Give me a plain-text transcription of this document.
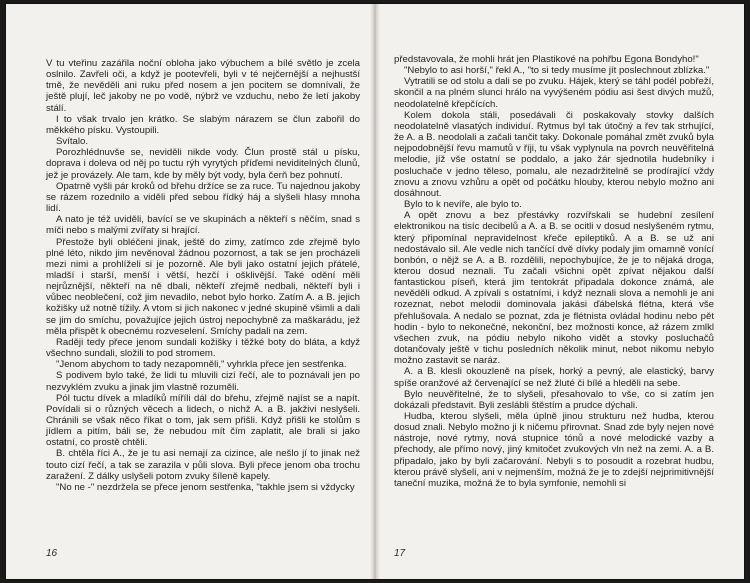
V tu vteřinu zazářila noční obloha jako výbuchem a bílé světlo je zcela oslnilo. Zavřeli oči, a když je pootevřeli, byli v té nejčernější a nejhustší tmě, že nevěděli ani ruku před nosem a jen pocitem se domnívali, že ještě plují, leč jakoby ne po vodě, nýbrž ve vzduchu, nebo že letí jakoby stálí.

I to však trvalo jen krátko. Se slabým nárazem se člun zabořil do měkkého písku. Vystoupili.

Svítalo.

Porozhlédnuvše se, neviděli nikde vody. Člun prostě stál u písku, doprava i doleva od něj po tuctu rýh vyrytých příďemi neviditelných člunů, jež je provázely. Ale tam, kde by měly být vody, byla čerň bez pohnutí.

Opatrně vyšli pár kroků od břehu držíce se za ruce. Tu najednou jakoby se rázem rozednilo a viděli před sebou řídký háj a slyšeli hlasy mnoha lidí.

A nato je též uviděli, bavící se ve skupinách a někteří s něčím, snad s míči nebo s malými zvířaty si hrající.

Přestože byli obléčeni jinak, ještě do zimy, zatímco zde zřejmě bylo plné léto, nikdo jim nevěnoval žádnou pozornost, a tak se jen procházeli mezi nimi a prohlíželi si je pozorně. Ale byli jako ostatní jejich přátelé, mladší i starší, menší i větší, hezčí i ošklivější. Také odění měli nejrůznější, někteří na ně dbali, někteří zřejmě nedbali, někteří byli i vůbec neoblečení, což jim nevadilo, nebot bylo horko. Zatím A. a B. jejich kožišky už notně tížily. A vtom si jich nakonec v jedné skupině všimli a dali se jim do smíchu, považujíce jejich ústroj nepochybně za maškarádu, jež měla přispět k obecnému rozveselení. Smíchy padali na zem.

Raději tedy přece jenom sundali kožišky i těžké boty do bláta, a když všechno sundali, složili to pod stromem.

"Jenom abychom to tady nezapomněli," vyhrkla přece jen sestřenka.

S podivem bylo také, že lidi tu mluvili cizí řečí, ale to poznávali jen po nezvyklém zvuku a jinak jim vlastně rozuměli.

Pól tuctu dívek a mladíků míříli dál do břehu, zřejmě najíst se a napít. Povídali si o různých věcech a lidech, o nichž A. a B. jakživi neslyšeli. Chránili se však něco říkat o tom, jak sem přišli. Když přišli ke stolům s jídlem a pitím, báli se, že nebudou mít čím zaplatit, ale brali si jako ostatní, co prostě chtěli.

B. chtěla říci A., že je tu asi nemají za cizince, ale nešlo jí to jinak než touto cizí řečí, a tak se zarazila v půli slova. Byli přece jenom oba trochu zaražení. Z dálky uslyšeli potom zvuky šíleně kapely.

"No ne -" nezdržela se přece jenom sestřenka, "takhle jsem si vždycky

16

představovala, že mohli hrát jen Plastikové na pohřbu Egona Bondyho!"

"Nebylo to asi horší," řekl A., "to si tedy musíme jít poslechnout zblízka."

Vytratili se od stolu a dali se po zvuku. Hájek, který se táhl podél pobřeží, skončil a na plném slunci hrálo na vyvýšeném pódiu asi šest divých mužů, neodolatelně křepčících.

Kolem dokola stáli, posedávali či poskakovaly stovky dalších neodolatelně vlasatých individuí. Rytmus byl tak útočný a řev tak strhující, že A. a B. neodolali a začali tančit taky. Dokonale pomáhal změt zvuků byla nejpodobnější řevu mamutů v říji, tu však vyplynula na povrch neuvěřitelná melodie, jíž vše ostatní se poddalo, a jako žár sjednotila hudebníky i posluchače v jedno těleso, pomalu, ale nezadržitelně se prodírající vždy znovu a znovu vzhůru a opět od počátku hlouby, kterou nebylo možno ani dosáhnout.

Bylo to k nevíře, ale bylo to.

A opět znovu a bez přestávky rozvířskali se hudební zesílení elektronikou na tisíc decibelů a A. a B. se ocitli v dosud neslyšeném rytmu, který připomínal nepravidelnost křeče epileptiků. A a B. se už ani nedostávalo sil. Ale vedle nich tančící dvě dívky podaly jim omamně vonící bonbón, o nějž se A. a B. rozdělili, nepochybujíce, že je to nějaká droga, kterou dosud neznali. Tu začali všichni opět zpívat nějakou další fantastickou píseň, která jim tentokrát připadala dokonce známá, ale nevěděli odkud. A zpívali s ostatními, i když neznali slova a nemohli je ani rozeznat, nebot melodii dominovala jakási ďábelská flétna, která vše přehlušovala. A nedalo se poznat, zda je flétnista ovládal hodinu nebo pět hodin - bylo to nekonečné, nekonční, bez možnosti konce, až rázem zmlkl všechen zvuk, na pódiu nebylo nikoho vidět a stovky posluchačů dotančovaly ještě v tichu posledních několik minut, nebot nikomu nebylo možno zastavit se naráz.

A. a B. klesli okouzleně na písek, horký a pevný, ale elastický, barvy spíše oranžové až červenající se než žluté či bílé a hleděli na sebe.

Bylo neuvěřitelné, že to slyšeli, přesahovalo to vše, co si zatím jen dokázali představit. Byli zeslábli štěstím a prudce dýchali.

Hudba, kterou slyšeli, měla úplně jinou strukturu než hudba, kterou dosud znali. Nebylo možno ji k ničemu přirovnat. Snad zde byly nejen nové nástroje, nové rytmy, nová stupnice tónů a nové melodické vazby a přechody, ale přímo nový, jiný kmitočet zvukových vln než na zemi. A. a B. připadalo, jako by byli začarování. Nebyli s to posoudit a rozebrat hudbu, kterou právě slyšeli, ani v nejmenším, možná že je to zdejší nejprimitivnější taneční muzika, možná že to byla symfonie, nemohli si

17
